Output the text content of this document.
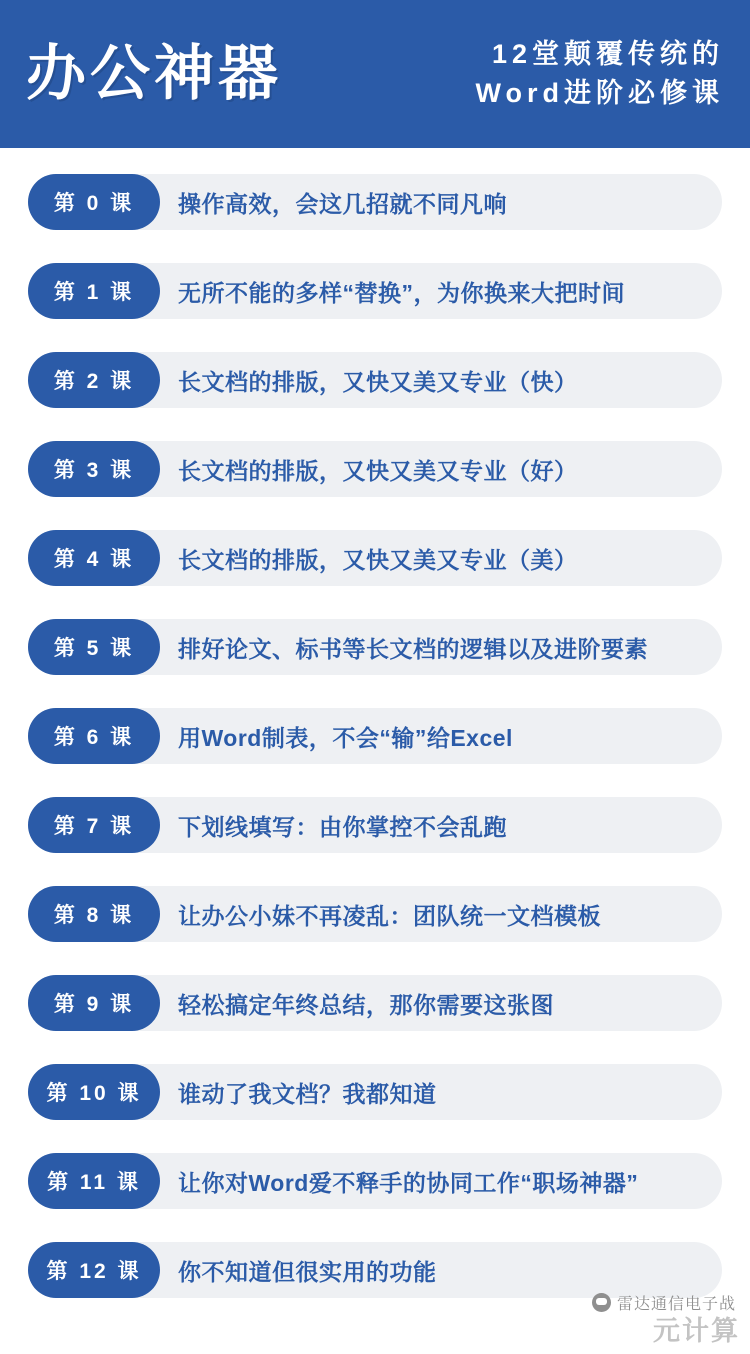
办公神器	12堂颠覆传统的
Word进阶必修课
第 0 课	操作高效，会这几招就不同凡响
第 1 课	无所不能的多样“替换”，为你换来大把时间
第 2 课	长文档的排版，又快又美又专业（快）
第 3 课	长文档的排版，又快又美又专业（好）
第 4 课	长文档的排版，又快又美又专业（美）
第 5 课	排好论文、标书等长文档的逻辑以及进阶要素
第 6 课	用Word制表，不会“输”给Excel
第 7 课	下划线填写：由你掌控不会乱跑
第 8 课	让办公小妹不再凌乱：团队统一文档模板
第 9 课	轻松搞定年终总结，那你需要这张图
第 10 课	谁动了我文档？我都知道
第 11 课	让你对Word爱不释手的协同工作“职场神器”
第 12 课	你不知道但很实用的功能
雷达通信电子战
元计算
